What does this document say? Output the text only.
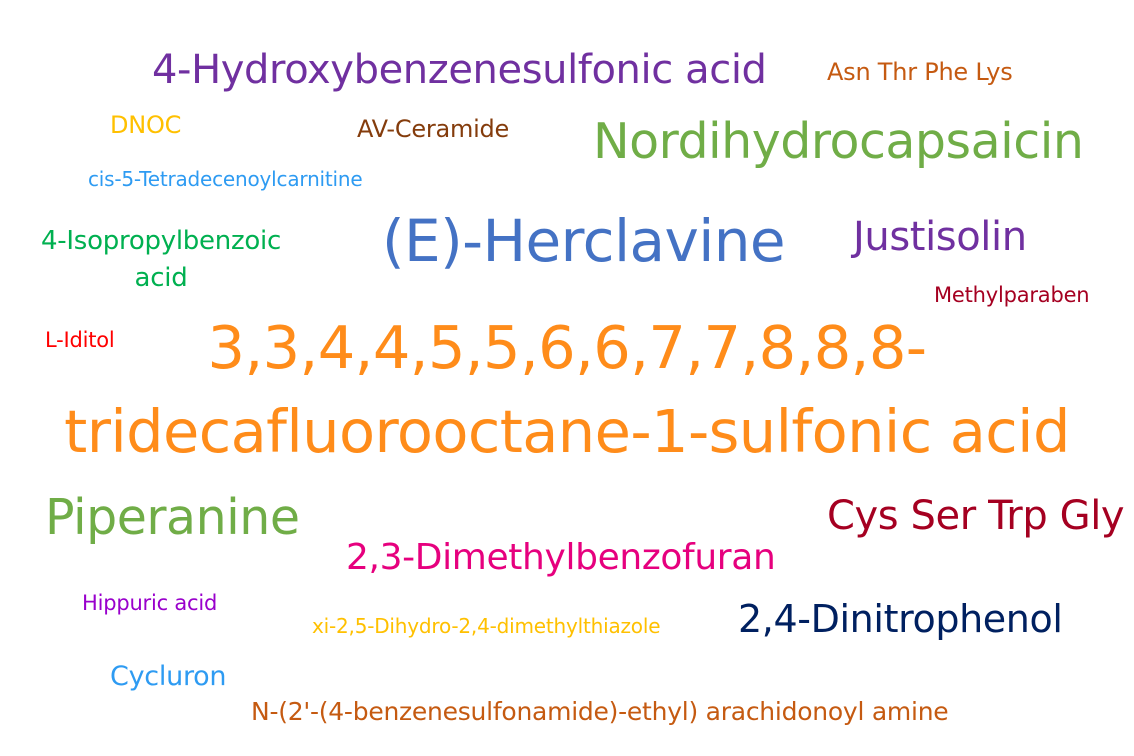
4-Hydroxybenzenesulfonic acid	Asn Thr Phe Lys
DNOC	AV-Ceramide Nordihydrocapsaicin
cis-5-Tetradecenoylcarnitine
4-Isopropylbenzoic
acid
(E)-Herclavine Justisolin
Methylparaben
L-Iditol	3,3,4,4,5,5,6,6,7,7,8,8,8-
tridecafluorooctane-1-sulfonic acid
Piperanine	Cys Ser Trp Gly
2,3-Dimethylbenzofuran
Hippuric acid
xi-2,5-Dihydro-2,4-dimethylthiazole 2,4-Dinitrophenol
Cycluron
N-(2'-(4-benzenesulfonamide)-ethyl) arachidonoyl amine
